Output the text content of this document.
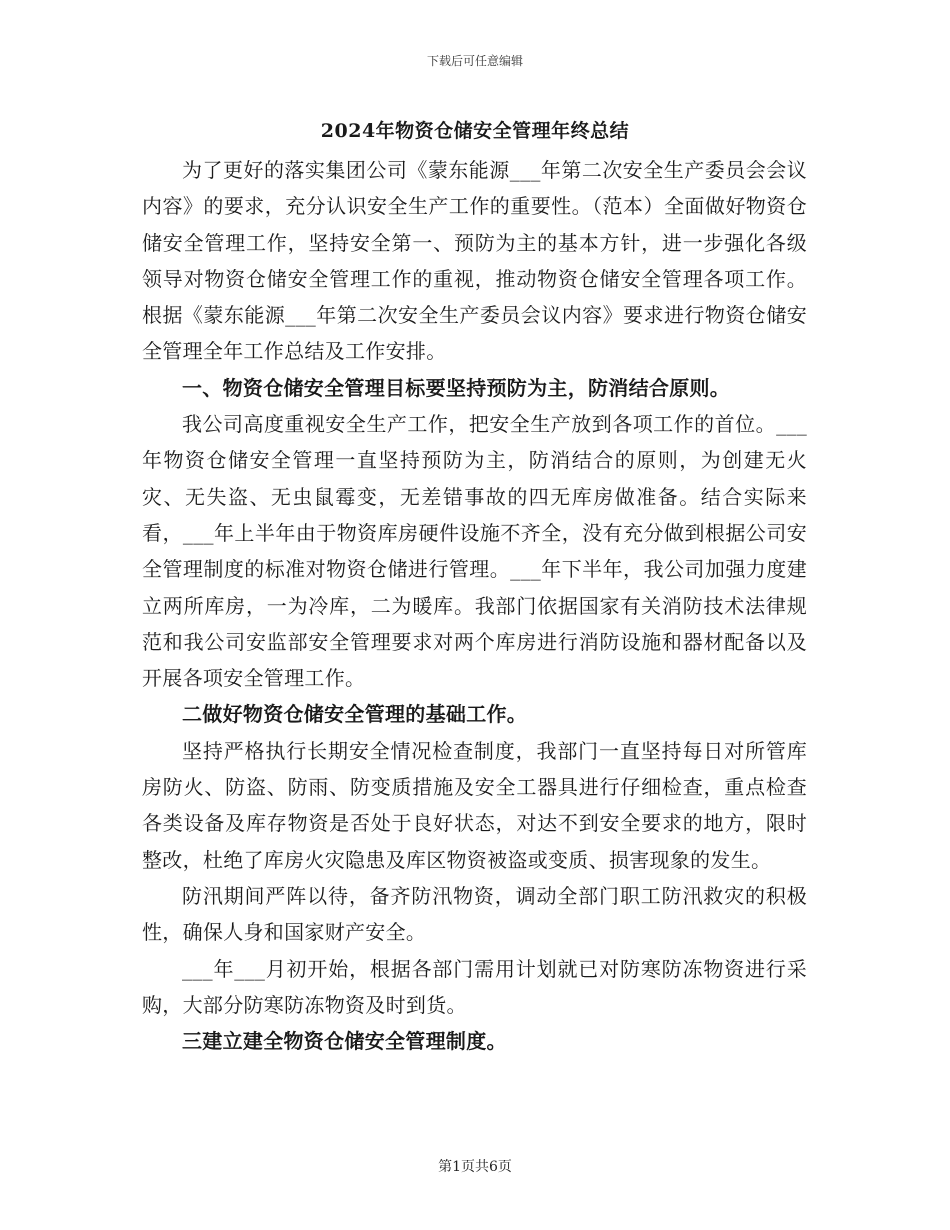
下载后可任意编辑
2024年物资仓储安全管理年终总结

为了更好的落实集团公司《蒙东能源___年第二次安全生产委员会会议内容》的要求，充分认识安全生产工作的重要性。（范本）全面做好物资仓储安全管理工作，坚持安全第一、预防为主的基本方针，进一步强化各级领导对物资仓储安全管理工作的重视，推动物资仓储安全管理各项工作。根据《蒙东能源___年第二次安全生产委员会议内容》要求进行物资仓储安全管理全年工作总结及工作安排。

一、物资仓储安全管理目标要坚持预防为主，防消结合原则。

我公司高度重视安全生产工作，把安全生产放到各项工作的首位。___年物资仓储安全管理一直坚持预防为主，防消结合的原则，为创建无火灾、无失盗、无虫鼠霉变，无差错事故的四无库房做准备。结合实际来看，___年上半年由于物资库房硬件设施不齐全，没有充分做到根据公司安全管理制度的标准对物资仓储进行管理。___年下半年，我公司加强力度建立两所库房，一为冷库，二为暖库。我部门依据国家有关消防技术法律规范和我公司安监部安全管理要求对两个库房进行消防设施和器材配备以及开展各项安全管理工作。

二做好物资仓储安全管理的基础工作。

坚持严格执行长期安全情况检查制度，我部门一直坚持每日对所管库房防火、防盗、防雨、防变质措施及安全工器具进行仔细检查，重点检查各类设备及库存物资是否处于良好状态，对达不到安全要求的地方，限时整改，杜绝了库房火灾隐患及库区物资被盗或变质、损害现象的发生。

防汛期间严阵以待，备齐防汛物资，调动全部门职工防汛救灾的积极性，确保人身和国家财产安全。

___年___月初开始，根据各部门需用计划就已对防寒防冻物资进行采购，大部分防寒防冻物资及时到货。

三建立建全物资仓储安全管理制度。
第1页共6页
